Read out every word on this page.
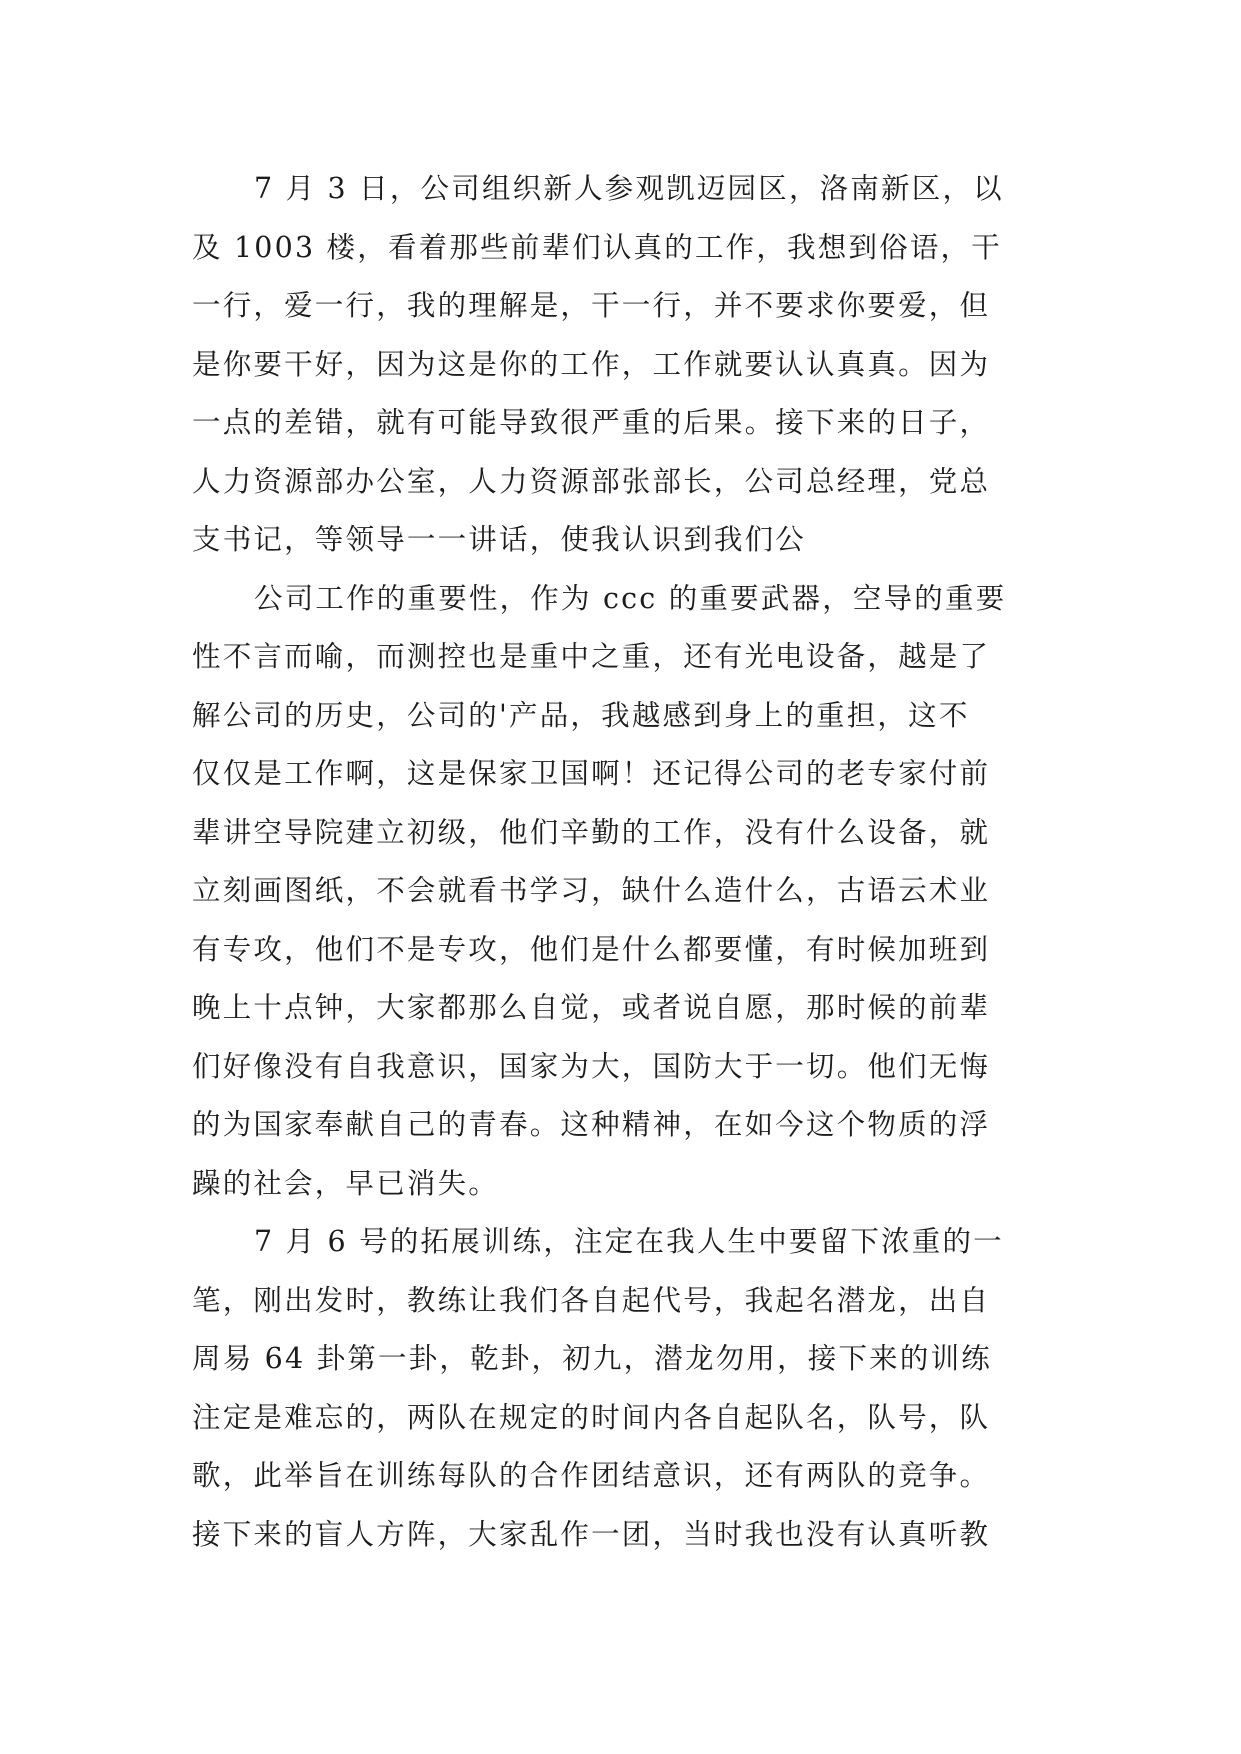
7 月 3 日，公司组织新人参观凯迈园区，洛南新区，以
及 1003 楼，看着那些前辈们认真的工作，我想到俗语，干
一行，爱一行，我的理解是，干一行，并不要求你要爱，但
是你要干好，因为这是你的工作，工作就要认认真真。因为
一点的差错，就有可能导致很严重的后果。接下来的日子，
人力资源部办公室，人力资源部张部长，公司总经理，党总
支书记，等领导一一讲话，使我认识到我们公
公司工作的重要性，作为 ccc 的重要武器，空导的重要
性不言而喻，而测控也是重中之重，还有光电设备，越是了
解公司的历史，公司的'产品，我越感到身上的重担，这不
仅仅是工作啊，这是保家卫国啊！还记得公司的老专家付前
辈讲空导院建立初级，他们辛勤的工作，没有什么设备，就
立刻画图纸，不会就看书学习，缺什么造什么，古语云术业
有专攻，他们不是专攻，他们是什么都要懂，有时候加班到
晚上十点钟，大家都那么自觉，或者说自愿，那时候的前辈
们好像没有自我意识，国家为大，国防大于一切。他们无悔
的为国家奉献自己的青春。这种精神，在如今这个物质的浮
躁的社会，早已消失。
7 月 6 号的拓展训练，注定在我人生中要留下浓重的一
笔，刚出发时，教练让我们各自起代号，我起名潜龙，出自
周易 64 卦第一卦，乾卦，初九，潜龙勿用，接下来的训练
注定是难忘的，两队在规定的时间内各自起队名，队号，队
歌，此举旨在训练每队的合作团结意识，还有两队的竞争。
接下来的盲人方阵，大家乱作一团，当时我也没有认真听教
